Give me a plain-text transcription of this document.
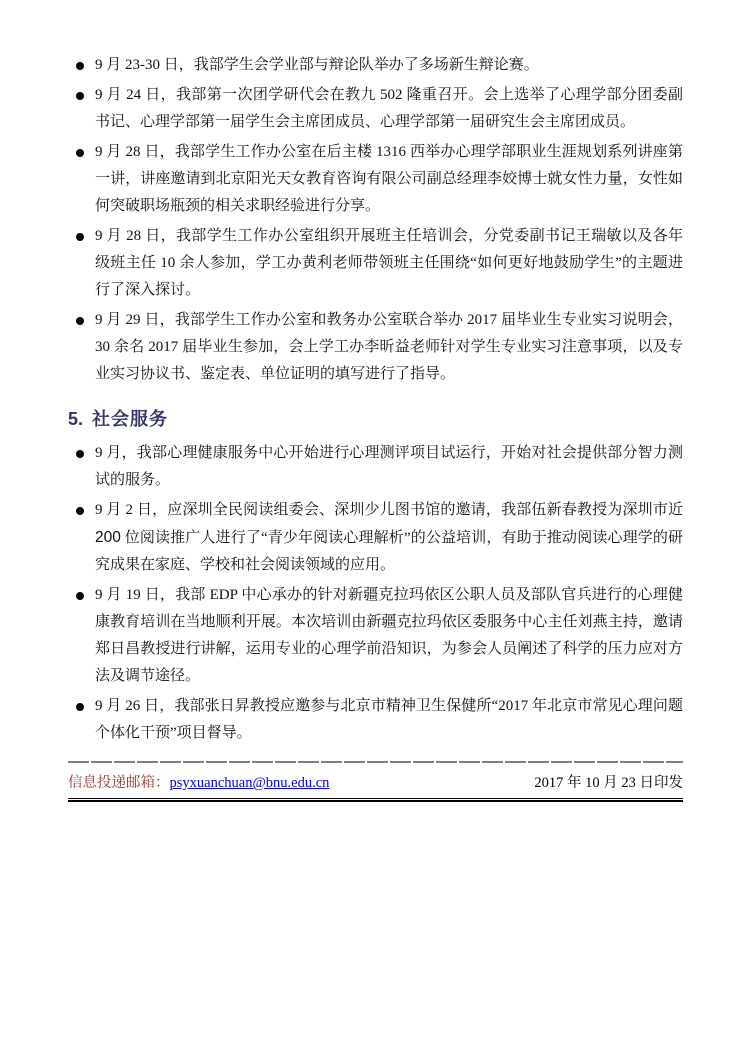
9 月 23-30 日，我部学生会学业部与辩论队举办了多场新生辩论赛。
9 月 24 日，我部第一次团学研代会在教九 502 隆重召开。会上选举了心理学部分团委副书记、心理学部第一届学生会主席团成员、心理学部第一届研究生会主席团成员。
9 月 28 日，我部学生工作办公室在后主楼 1316 西举办心理学部职业生涯规划系列讲座第一讲，讲座邀请到北京阳光天女教育咨询有限公司副总经理李姣博士就女性力量，女性如何突破职场瓶颈的相关求职经验进行分享。
9 月 28 日，我部学生工作办公室组织开展班主任培训会，分党委副书记王瑞敏以及各年级班主任 10 余人参加，学工办黄利老师带领班主任围绕“如何更好地鼓励学生”的主题进行了深入探讨。
9 月 29 日，我部学生工作办公室和教务办公室联合举办 2017 届毕业生专业实习说明会，30 余名 2017 届毕业生参加，会上学工办李昕益老师针对学生专业实习注意事项，以及专业实习协议书、鉴定表、单位证明的填写进行了指导。
5. 社会服务
9 月，我部心理健康服务中心开始进行心理测评项目试运行，开始对社会提供部分智力测试的服务。
9 月 2 日，应深圳全民阅读组委会、深圳少儿图书馆的邀请，我部伍新春教授为深圳市近 200 位阅读推广人进行了“青少年阅读心理解析”的公益培训，有助于推动阅读心理学的研究成果在家庭、学校和社会阅读领域的应用。
9 月 19 日，我部 EDP 中心承办的针对新疆克拉玛依区公职人员及部队官兵进行的心理健康教育培训在当地顺利开展。本次培训由新疆克拉玛依区委服务中心主任刘燕主持，邀请郑日昌教授进行讲解，运用专业的心理学前沿知识，为参会人员阐述了科学的压力应对方法及调节途径。
9 月 26 日，我部张日昇教授应邀参与北京市精神卫生保健所“2017 年北京市常见心理问题个体化干预”项目督导。
信息投递邮箱：psyxuanchuan@bnu.edu.cn	2017 年 10 月 23 日印发
